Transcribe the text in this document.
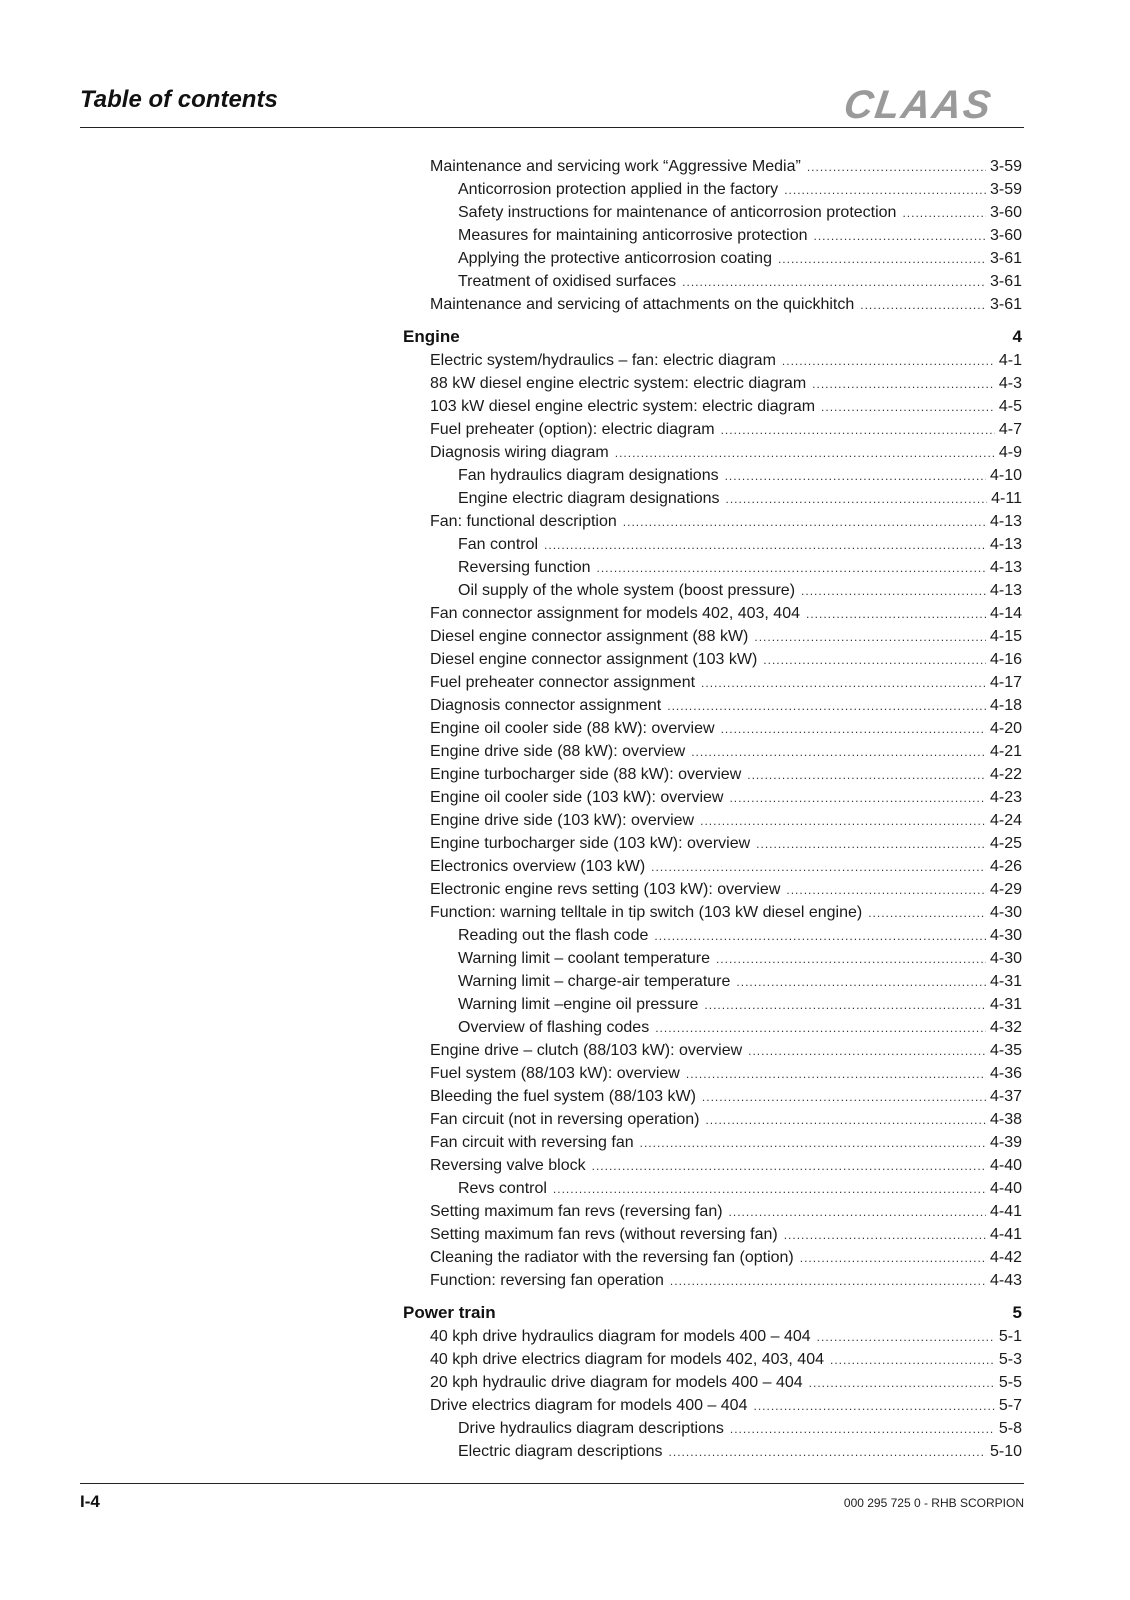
Table of contents	CLAAS
Maintenance and servicing work “Aggressive Media” .....	3-59
Anticorrosion protection applied in the factory .....	3-59
Safety instructions for maintenance of anticorrosion protection .....	3-60
Measures for maintaining anticorrosive protection .....	3-60
Applying the protective anticorrosion coating .....	3-61
Treatment of oxidised surfaces .....	3-61
Maintenance and servicing of attachments on the quickhitch .....	3-61
Engine	4
Electric system/hydraulics – fan: electric diagram .....	4-1
88 kW diesel engine electric system: electric diagram .....	4-3
103 kW diesel engine electric system: electric diagram .....	4-5
Fuel preheater (option): electric diagram .....	4-7
Diagnosis wiring diagram .....	4-9
Fan hydraulics diagram designations .....	4-10
Engine electric diagram designations .....	4-11
Fan: functional description .....	4-13
Fan control .....	4-13
Reversing function .....	4-13
Oil supply of the whole system (boost pressure) .....	4-13
Fan connector assignment for models 402, 403, 404 .....	4-14
Diesel engine connector assignment (88 kW) .....	4-15
Diesel engine connector assignment (103 kW) .....	4-16
Fuel preheater connector assignment .....	4-17
Diagnosis connector assignment .....	4-18
Engine oil cooler side (88 kW): overview .....	4-20
Engine drive side (88 kW): overview .....	4-21
Engine turbocharger side (88 kW): overview .....	4-22
Engine oil cooler side (103 kW): overview .....	4-23
Engine drive side (103 kW): overview .....	4-24
Engine turbocharger side (103 kW): overview .....	4-25
Electronics overview (103 kW) .....	4-26
Electronic engine revs setting (103 kW): overview .....	4-29
Function: warning telltale in tip switch (103 kW diesel engine) .....	4-30
Reading out the flash code .....	4-30
Warning limit – coolant temperature .....	4-30
Warning limit – charge-air temperature .....	4-31
Warning limit –engine oil pressure .....	4-31
Overview of flashing codes .....	4-32
Engine drive – clutch (88/103 kW): overview .....	4-35
Fuel system (88/103 kW): overview .....	4-36
Bleeding the fuel system (88/103 kW) .....	4-37
Fan circuit (not in reversing operation) .....	4-38
Fan circuit with reversing fan .....	4-39
Reversing valve block .....	4-40
Revs control .....	4-40
Setting maximum fan revs (reversing fan) .....	4-41
Setting maximum fan revs (without reversing fan) .....	4-41
Cleaning the radiator with the reversing fan (option) .....	4-42
Function: reversing fan operation .....	4-43
Power train	5
40 kph drive hydraulics diagram for models 400 – 404 .....	5-1
40 kph drive electrics diagram for models 402, 403, 404 .....	5-3
20 kph hydraulic drive diagram for models 400 – 404 .....	5-5
Drive electrics diagram for models 400 – 404 .....	5-7
Drive hydraulics diagram descriptions .....	5-8
Electric diagram descriptions .....	5-10
I-4	000 295 725 0 - RHB SCORPION
